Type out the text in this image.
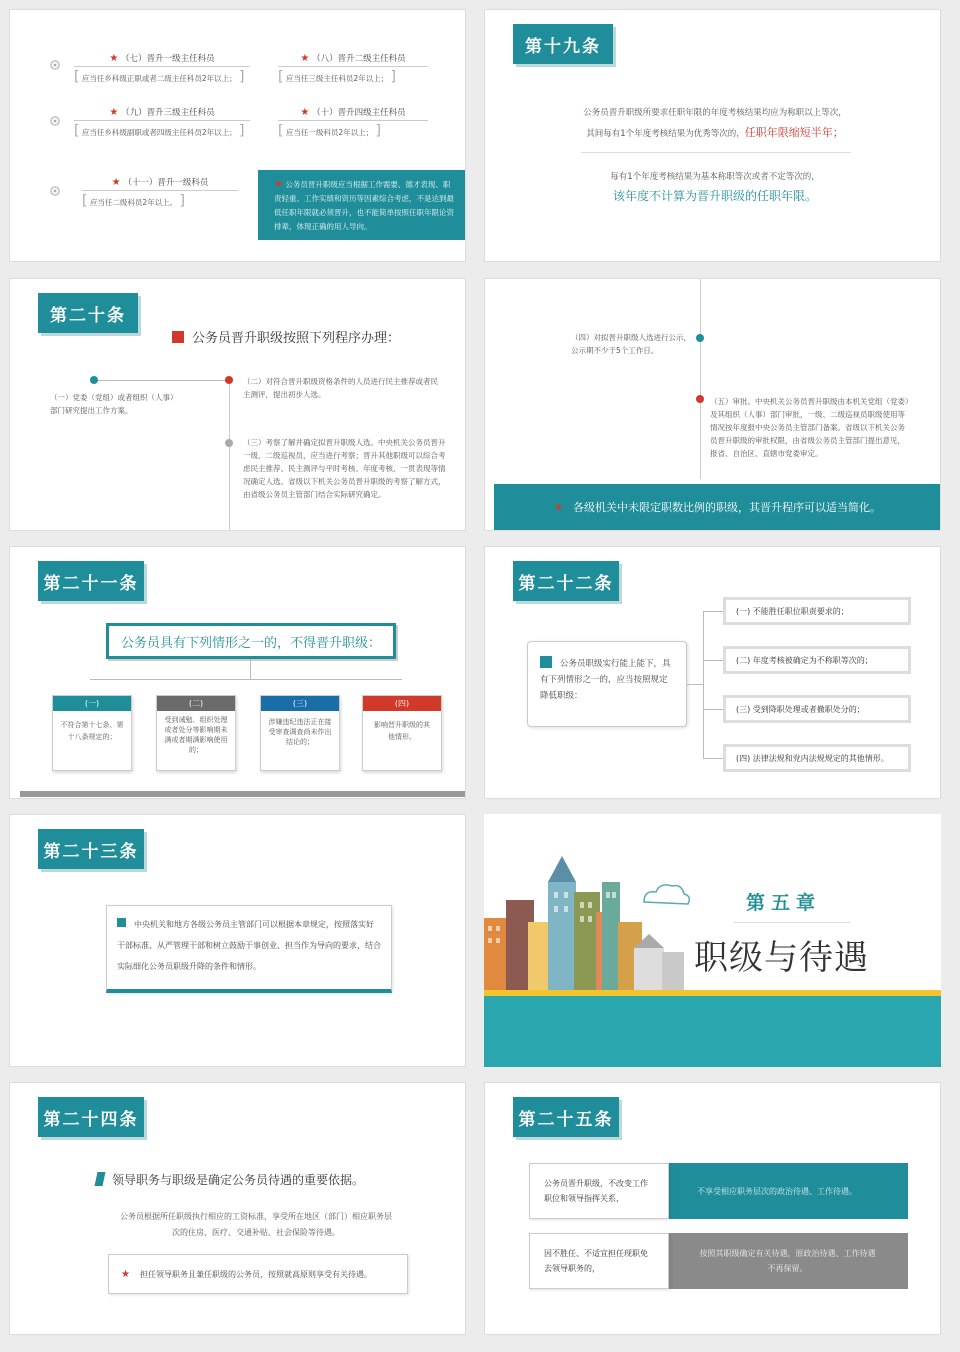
★ （七）晋升一级主任科员
[ 应当任乡科级正职或者二级主任科员2年以上； ]
★ （八）晋升二级主任科员
[ 应当任三级主任科员2年以上； ]
★ （九）晋升三级主任科员
[ 应当任乡科级副职或者四级主任科员2年以上； ]
★ （十）晋升四级主任科员
[ 应当任一级科员2年以上； ]
★ （十一）晋升一级科员
[ 应当任二级科员2年以上。 ]
★ 公务员晋升职级应当根据工作需要、德才表现、职责轻重、工作实绩和资历等因素综合考虑，不是达到最低任职年限就必须晋升，也不能简单按照任职年限论资排辈，体现正确的用人导向。
第十九条
公务员晋升职级所要求任职年限的年度考核结果均应为称职以上等次，
其间每有1个年度考核结果为优秀等次的，任职年限缩短半年；
每有1个年度考核结果为基本称职等次或者不定等次的，
该年度不计算为晋升职级的任职年限。
第二十条
公务员晋升职级按照下列程序办理：
（一）党委（党组）或者组织（人事）部门研究提出工作方案。
（二）对符合晋升职级资格条件的人员进行民主推荐或者民主测评，提出初步人选。
（三）考察了解并确定拟晋升职级人选。中央机关公务员晋升一级、二级巡视员，应当进行考察；晋升其他职级可以综合考虑民主推荐、民主测评与平时考核、年度考核、一贯表现等情况确定人选。省级以下机关公务员晋升职级的考察了解方式，由省级公务员主管部门结合实际研究确定。
（四）对拟晋升职级人选进行公示，公示期不少于5个工作日。
（五）审批。中央机关公务员晋升职级由本机关党组（党委）及其组织（人事）部门审批，一级、二级巡视员职级使用等情况按年度报中央公务员主管部门备案。省级以下机关公务员晋升职级的审批权限，由省级公务员主管部门提出意见，报省、自治区、直辖市党委审定。
★ 各级机关中未限定职数比例的职级，其晋升程序可以适当简化。
第二十一条
公务员具有下列情形之一的，不得晋升职级：
(一)
不符合第十七条、第十八条规定的；
(二)
受到诫勉、组织处理或者处分等影响期未满或者期满影响使用的；
(三)
涉嫌违纪违法正在接受审查调查尚未作出结论的；
(四)
影响晋升职级的其他情形。
第二十二条
公务员职级实行能上能下，具有下列情形之一的，应当按照规定降低职级：
(一) 不能胜任职位职责要求的；
(二) 年度考核被确定为不称职等次的；
(三) 受到降职处理或者撤职处分的；
(四) 法律法规和党内法规规定的其他情形。
第二十三条
中央机关和地方各级公务员主管部门可以根据本章规定，按照落实好干部标准、从严管理干部和树立鼓励干事创业、担当作为导向的要求，结合实际细化公务员职级升降的条件和情形。
第五章
职级与待遇
第二十四条
领导职务与职级是确定公务员待遇的重要依据。
公务员根据所任职级执行相应的工资标准，享受所在地区（部门）相应职务层次的住房、医疗、交通补贴、社会保险等待遇。
★ 担任领导职务且兼任职级的公务员，按照就高原则享受有关待遇。
第二十五条
公务员晋升职级，不改变工作职位和领导指挥关系，
不享受相应职务层次的政治待遇、工作待遇。
因不胜任、不适宜担任现职免去领导职务的，
按照其职级确定有关待遇，原政治待遇、工作待遇不再保留。
